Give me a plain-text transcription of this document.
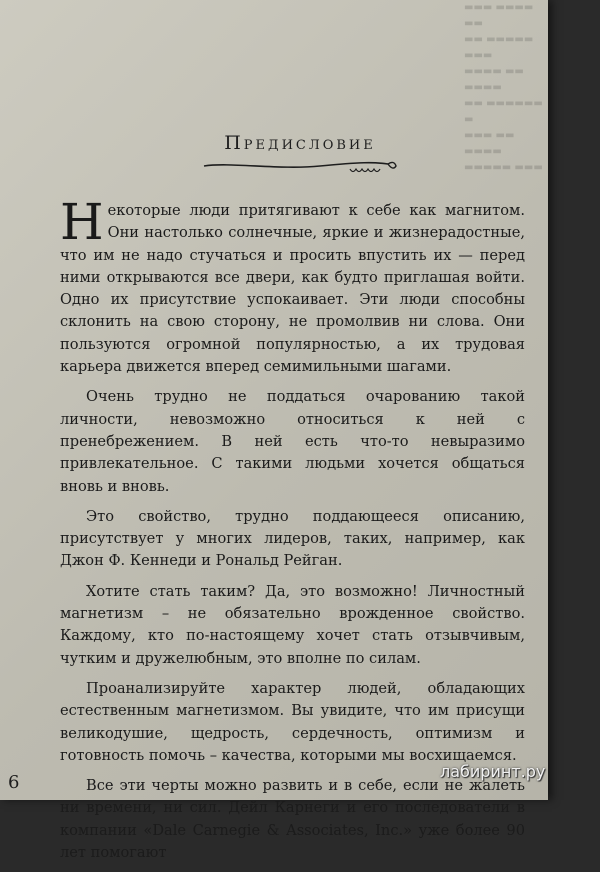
▬▬▬ ▬▬▬▬ ▬▬
▬▬ ▬▬▬▬▬ ▬▬▬
▬▬▬▬ ▬▬ ▬▬▬▬
▬▬ ▬▬▬▬▬▬ ▬
▬▬▬ ▬▬ ▬▬▬▬
▬▬▬▬▬ ▬▬▬
Предисловие

Некоторые люди притягивают к себе как магнитом. Они настолько солнечные, яркие и жизнерадостные, что им не надо стучаться и просить впустить их — перед ними открываются все двери, как будто приглашая войти. Одно их присутствие успокаивает. Эти люди способны склонить на свою сторону, не промолвив ни слова. Они пользуются огромной популярностью, а их трудовая карьера движется вперед семимильными шагами.

Очень трудно не поддаться очарованию такой личности, невозможно относиться к ней с пренебрежением. В ней есть что-то невыразимо привлекательное. С такими людьми хочется общаться вновь и вновь.

Это свойство, трудно поддающееся описанию, присутствует у многих лидеров, таких, например, как Джон Ф. Кеннеди и Рональд Рейган.

Хотите стать таким? Да, это возможно! Личностный магнетизм – не обязательно врожденное свойство. Каждому, кто по-настоящему хочет стать отзывчивым, чутким и дружелюбным, это вполне по силам.

Проанализируйте характер людей, обладающих естественным магнетизмом. Вы увидите, что им присущи великодушие, щедрость, сердечность, оптимизм и готовность помочь – качества, которыми мы восхищаемся.

Все эти черты можно развить и в себе, если не жалеть ни времени, ни сил. Дейл Карнеги и его последователи в компании «Dale Carnegie & Associates, Inc.» уже более 90 лет помогают

6
лабиринт.ру
